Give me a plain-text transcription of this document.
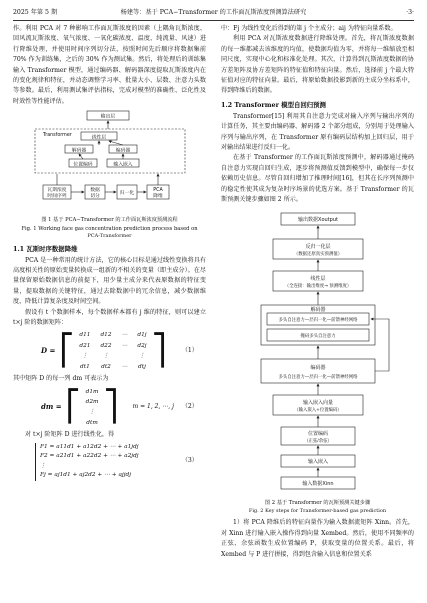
2025 年第 5 期	杨建等：基于 PCA−Transformer 的工作面瓦斯浓度预测算法研究	·3·

作。利用 PCA 对 7 种影响工作面瓦斯浓度的因素（上隅角瓦斯浓度、回风流瓦斯浓度、氧气浓度、一氧化碳浓度、温度、纯流量、风速）进行降维处理，并使用时间序列切分法，按照时间先后顺序将数据集前 70% 作为训练集，之后的 30% 作为测试集。然后，将处理后的训练集输入 Transformer 模型，通过编码器、解码器深度提取瓦斯浓度内在的变化规律和特征，并动态调整学习率、批量大小、层数、注意力头数等参数。最后，利用测试集评估指标，完成对模型的准确性、泛化性及时效性等性能评估。

输出层
Transformer	线性层
解码器	编码器
位置编码	输入嵌入
瓦斯浓度
时间序列
数据
切分
归一化
PCA
降维
图 1 基于 PCA−Transformer 的工作面瓦斯浓度预测流程
Fig. 1 Working face gas concentration prediction process based on
PCA-Transformer
1.1 瓦斯时序数据降维

PCA 是一种常用的统计方法，它的核心目标是通过线性变换将具有高度相关性的原始变量转换成一组新的不相关的变量（即主成分）。在尽量保留原始数据信息的前提下，用少量主成分来代表原数据的特征变量，提取数据的关键特征，通过去除数据中的冗余信息，减少数据维度，降低计算复杂度及时间空间。

假设有 t 个数据样本，每个数据样本都有 j 维的特征，则可以建立 t×j 阶的数据矩阵：

D = ⎡ d11	d12	⋯	d1j
d21	d22	⋯	d2j
⋮	⋮		⋮
dt1	dt2	⋯	dtj ⎤ （1）

其中矩阵 D 的每一列 dm 可表示为

dm = ⎡ d1m
d2m
⋮
dtm ⎤ m = 1, 2, ⋯, j （2）

对 t×j 阶矩阵 D 进行线性化，得

F1 = a11d1 + a12d2 + ⋯ + a1jdj
F2 = a21d1 + a22d2 + ⋯ + a2jdj
⋮
Fj = aj1d1 + aj2d2 + ⋯ + ajjdj
（3）

中：Fj 为线性变化后得到的第 j 个主成分；aij 为特征向量系数。

利用 PCA 对瓦斯浓度数据进行降维处理。首先，将瓦斯浓度数据的每一维都减去该维度的均值，使数据均值为零，并将每一维缩放至相同尺度，实现中心化和标准化处理。其次，计算得到瓦斯浓度数据的协方差矩阵及协方差矩阵的特征值和特征向量。然后，选择前 j 个最大特征值对应的特征向量。最后，将原始数据投影到新的主成分坐标系中，得到降维后的数据。

1.2 Transformer 模型自回归预测

Transformer[15] 利用其自注意力完成对输入序列与输出序列的计算任务，其主要由编码器、解码器 2 个部分组成，分别用于处理输入序列与输出序列，在 Transformer 原有编码层结构加上回归层，用于对输出结果进行反归一化。

在基于 Transformer 的工作面瓦斯浓度预测中，解码器通过掩码自注意力实现自回归生成，逐步将预测值反馈到模型中，确保每一步仅依赖历史信息。尽管自回归增加了推理时间[16]，但其在长序列预测中的稳定性使其成为复杂时序场景的优选方案。基于 Transformer 的瓦斯预测关键步骤如图 2 所示。

输出数据Xoutput
反归一化层
（数据还原真实预测值）
线性层
（全连接：输出维度→ 预测维度）
解码器
多头自注意力—层归一化—前馈神经网络
掩码多头自注意力
编码器
多头自注意力—层归一化—前馈神经网络
输入嵌入向量
（输入嵌入+位置编码）
位置编码
（正弦/余弦）
输入嵌入
输入数据Xinn
图 2 基于 Transformer 的瓦斯预测关键步骤
Fig. 2 Key steps for Transformer-based gas prediction

1）将 PCA 降维后的特征向量作为输入数据流矩阵 Xinn。首先，对 Xinn 进行输入嵌入操作得到向量 Xembed。然后，使用不同频率的正弦、余弦函数生成位置编码 P，获取变量的位置关系。最后，将 Xembed 与 P 进行拼接，得到包含输入信息和位置关系
